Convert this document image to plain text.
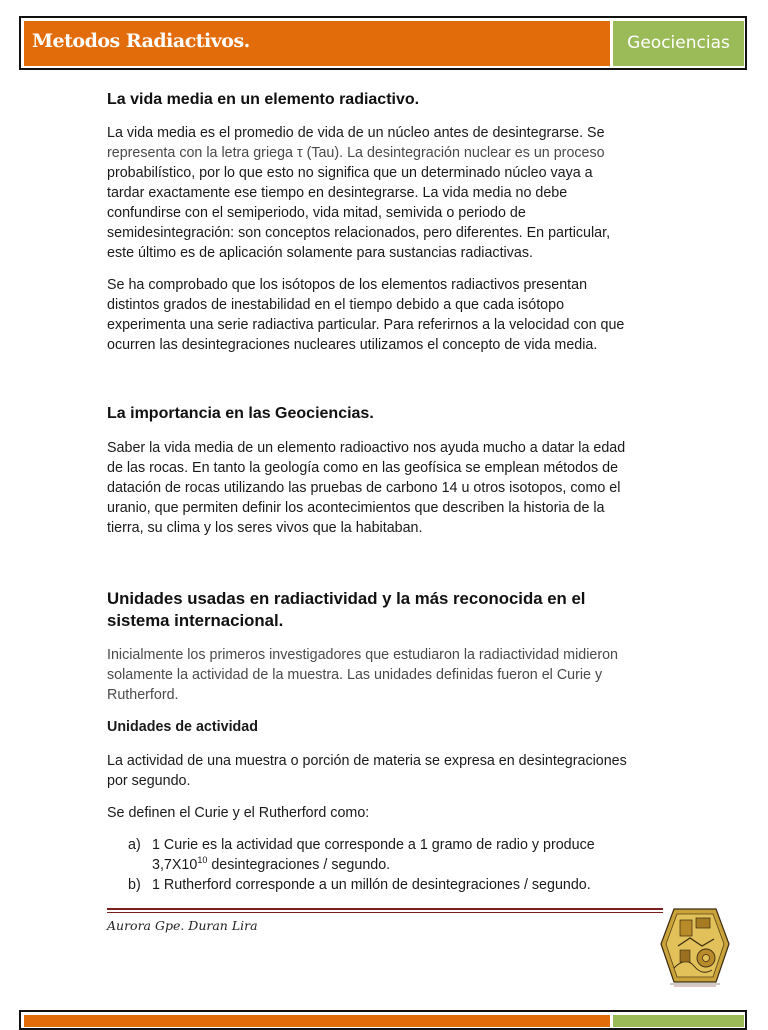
Metodos Radiactivos.	Geociencias
La vida media en un elemento radiactivo.

La vida media es el promedio de vida de un núcleo antes de desintegrarse. Se

representa con la letra griega τ (Tau). La desintegración nuclear es un proceso

probabilístico, por lo que esto no significa que un determinado núcleo vaya a

tardar exactamente ese tiempo en desintegrarse. La vida media no debe

confundirse con el semiperiodo, vida mitad, semivida o periodo de

semidesintegración: son conceptos relacionados, pero diferentes. En particular,

este último es de aplicación solamente para sustancias radiactivas.

Se ha comprobado que los isótopos de los elementos radiactivos presentan

distintos grados de inestabilidad en el tiempo debido a que cada isótopo

experimenta una serie radiactiva particular. Para referirnos a la velocidad con que

ocurren las desintegraciones nucleares utilizamos el concepto de vida media.

La importancia en las Geociencias.

Saber la vida media de un elemento radioactivo nos ayuda mucho a datar la edad

de las rocas. En tanto la geología como en las geofísica se emplean métodos de

datación de rocas utilizando las pruebas de carbono 14 u otros isotopos, como el

uranio, que permiten definir los acontecimientos que describen la historia de la

tierra, su clima y los seres vivos que la habitaban.

Unidades usadas en radiactividad y la más reconocida en el
sistema internacional.

Inicialmente los primeros investigadores que estudiaron la radiactividad midieron

solamente la actividad de la muestra. Las unidades definidas fueron el Curie y

Rutherford.

Unidades de actividad

La actividad de una muestra o porción de materia se expresa en desintegraciones

por segundo.

Se definen el Curie y el Rutherford como:

a) 1 Curie es la actividad que corresponde a 1 gramo de radio y produce
$3,7X10^{10}$ desintegraciones / segundo.
b) 1 Rutherford corresponde a un millón de desintegraciones / segundo.
Aurora Gpe. Duran Lira
